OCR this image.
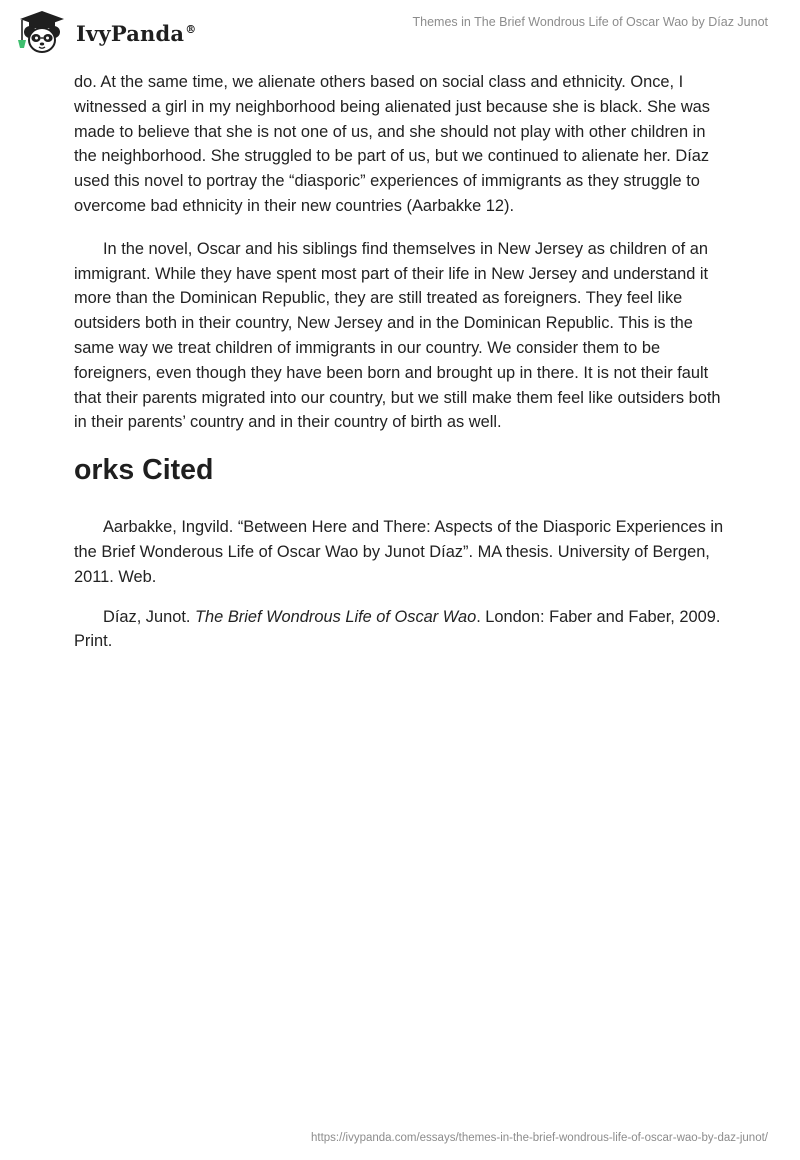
IvyPanda®	Themes in The Brief Wondrous Life of Oscar Wao by Díaz Junot

do. At the same time, we alienate others based on social class and ethnicity. Once, I witnessed a girl in my neighborhood being alienated just because she is black. She was made to believe that she is not one of us, and she should not play with other children in the neighborhood. She struggled to be part of us, but we continued to alienate her. Díaz used this novel to portray the “diasporic” experiences of immigrants as they struggle to overcome bad ethnicity in their new countries (Aarbakke 12).

In the novel, Oscar and his siblings find themselves in New Jersey as children of an immigrant. While they have spent most part of their life in New Jersey and understand it more than the Dominican Republic, they are still treated as foreigners. They feel like outsiders both in their country, New Jersey and in the Dominican Republic. This is the same way we treat children of immigrants in our country. We consider them to be foreigners, even though they have been born and brought up in there. It is not their fault that their parents migrated into our country, but we still make them feel like outsiders both in their parents’ country and in their country of birth as well.

orks Cited

Aarbakke, Ingvild. “Between Here and There: Aspects of the Diasporic Experiences in the Brief Wonderous Life of Oscar Wao by Junot Díaz”. MA thesis. University of Bergen, 2011. Web.

Díaz, Junot. The Brief Wondrous Life of Oscar Wao. London: Faber and Faber, 2009. Print.

https://ivypanda.com/essays/themes-in-the-brief-wondrous-life-of-oscar-wao-by-daz-junot/
